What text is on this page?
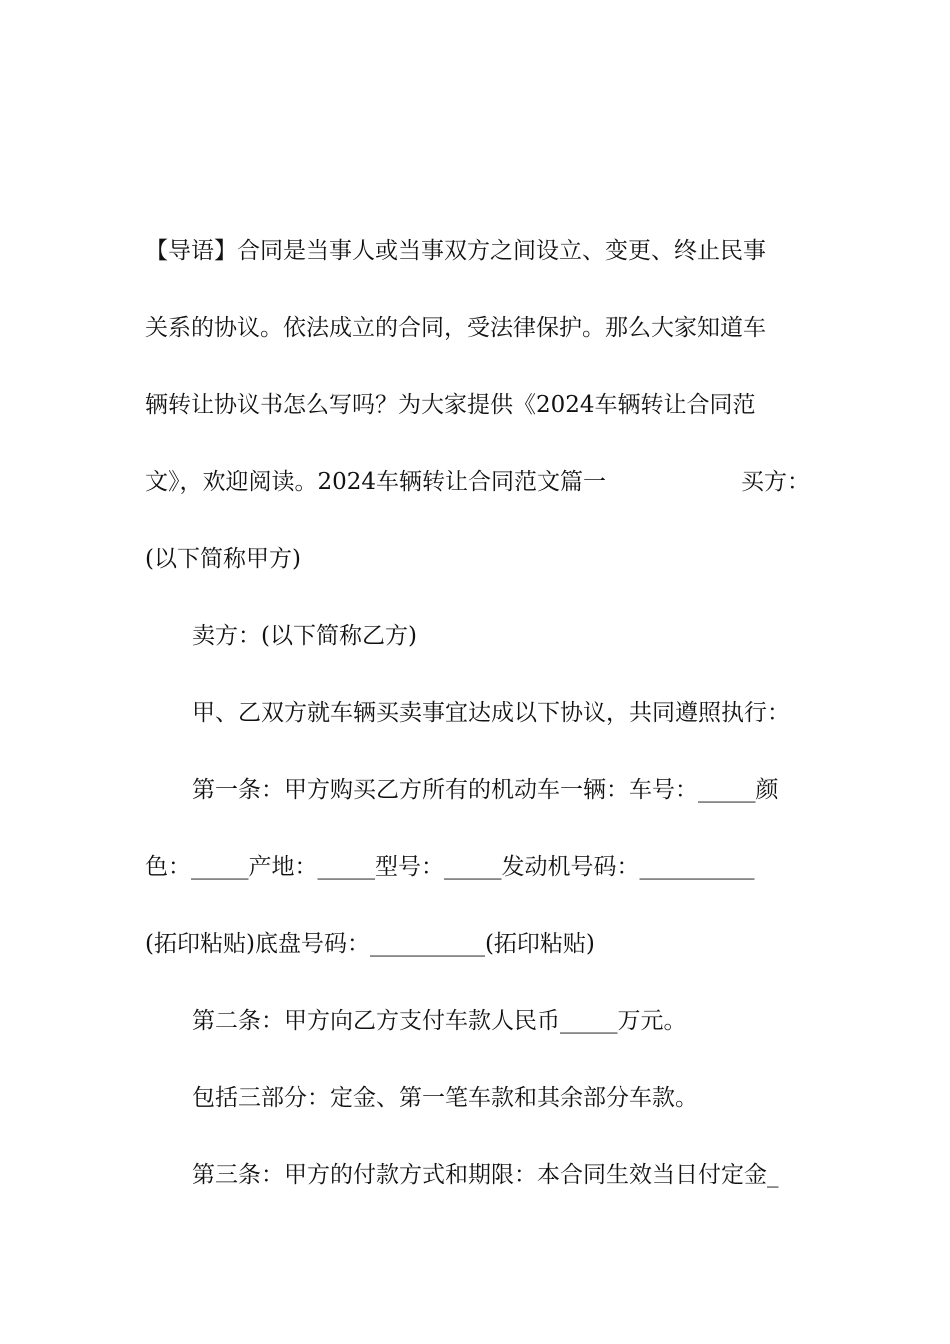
【导语】合同是当事人或当事双方之间设立、变更、终止民事
关系的协议。依法成立的合同，受法律保护。那么大家知道车
辆转让协议书怎么写吗？为大家提供《2024车辆转让合同范
文》，欢迎阅读。2024车辆转让合同范文篇一	买方：
(以下简称甲方)
卖方：(以下简称乙方)
甲、乙双方就车辆买卖事宜达成以下协议，共同遵照执行：
第一条：甲方购买乙方所有的机动车一辆：车号：_____颜
色：_____产地：_____型号：_____发动机号码：__________
(拓印粘贴)底盘号码：__________(拓印粘贴)
第二条：甲方向乙方支付车款人民币_____万元。
包括三部分：定金、第一笔车款和其余部分车款。
第三条：甲方的付款方式和期限：本合同生效当日付定金_
